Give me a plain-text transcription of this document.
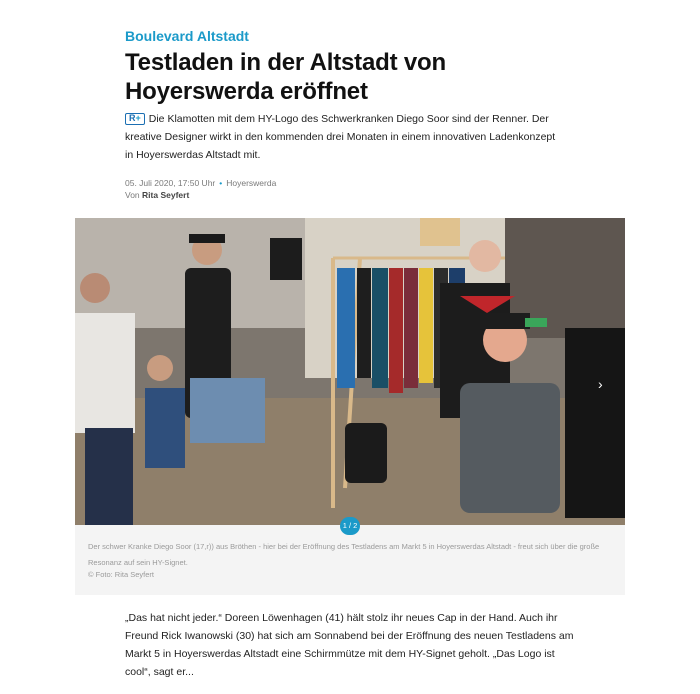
Boulevard Altstadt
Testladen in der Altstadt von Hoyerswerda eröffnet

R+ Die Klamotten mit dem HY-Logo des Schwerkranken Diego Soor sind der Renner. Der kreative Designer wirkt in den kommenden drei Monaten in einem innovativen Ladenkonzept in Hoyerswerdas Altstadt mit.

05. Juli 2020, 17:50 Uhr • Hoyerswerda
Von Rita Seyfert
›
1 / 2

Der schwer Kranke Diego Soor (17,r)) aus Bröthen - hier bei der Eröffnung des Testladens am Markt 5 in Hoyerswerdas Altstadt - freut sich über die große Resonanz auf sein HY-Signet.

© Foto: Rita Seyfert

„Das hat nicht jeder.“ Doreen Löwenhagen (41) hält stolz ihr neues Cap in der Hand. Auch ihr Freund Rick Iwanowski (30) hat sich am Sonnabend bei der Eröffnung des neuen Testladens am Markt 5 in Hoyerswerdas Altstadt eine Schirmmütze mit dem HY-Signet geholt. „Das Logo ist cool“, sagt er...
